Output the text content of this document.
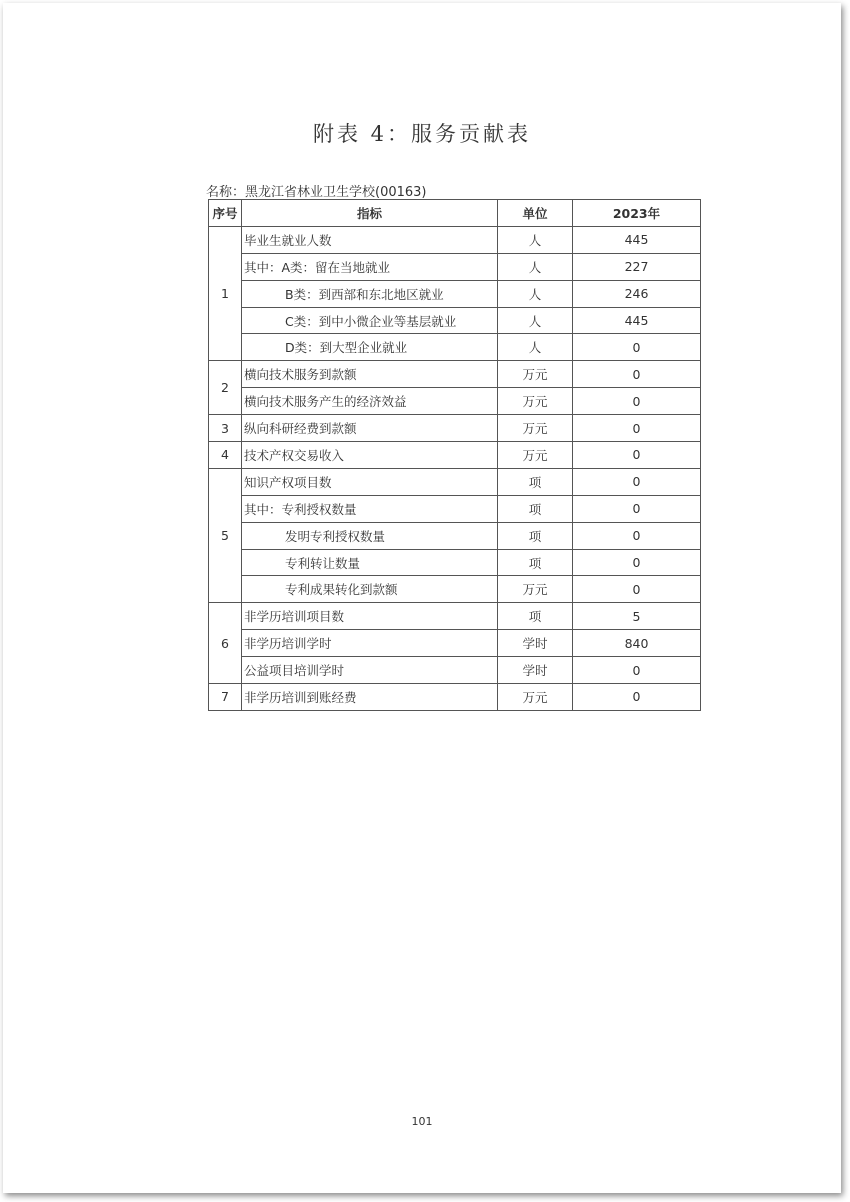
附表 4：服务贡献表
名称：黑龙江省林业卫生学校(00163)
序号	指标	单位	2023年
1	毕业生就业人数	人	445
	其中：A类：留在当地就业	人	227
	B类：到西部和东北地区就业	人	246
	C类：到中小微企业等基层就业	人	445
	D类：到大型企业就业	人	0
2	横向技术服务到款额	万元	0
	横向技术服务产生的经济效益	万元	0
3	纵向科研经费到款额	万元	0
4	技术产权交易收入	万元	0
5	知识产权项目数	项	0
	其中：专利授权数量	项	0
	发明专利授权数量	项	0
	专利转让数量	项	0
	专利成果转化到款额	万元	0
6	非学历培训项目数	项	5
	非学历培训学时	学时	840
	公益项目培训学时	学时	0
7	非学历培训到账经费	万元	0
101
